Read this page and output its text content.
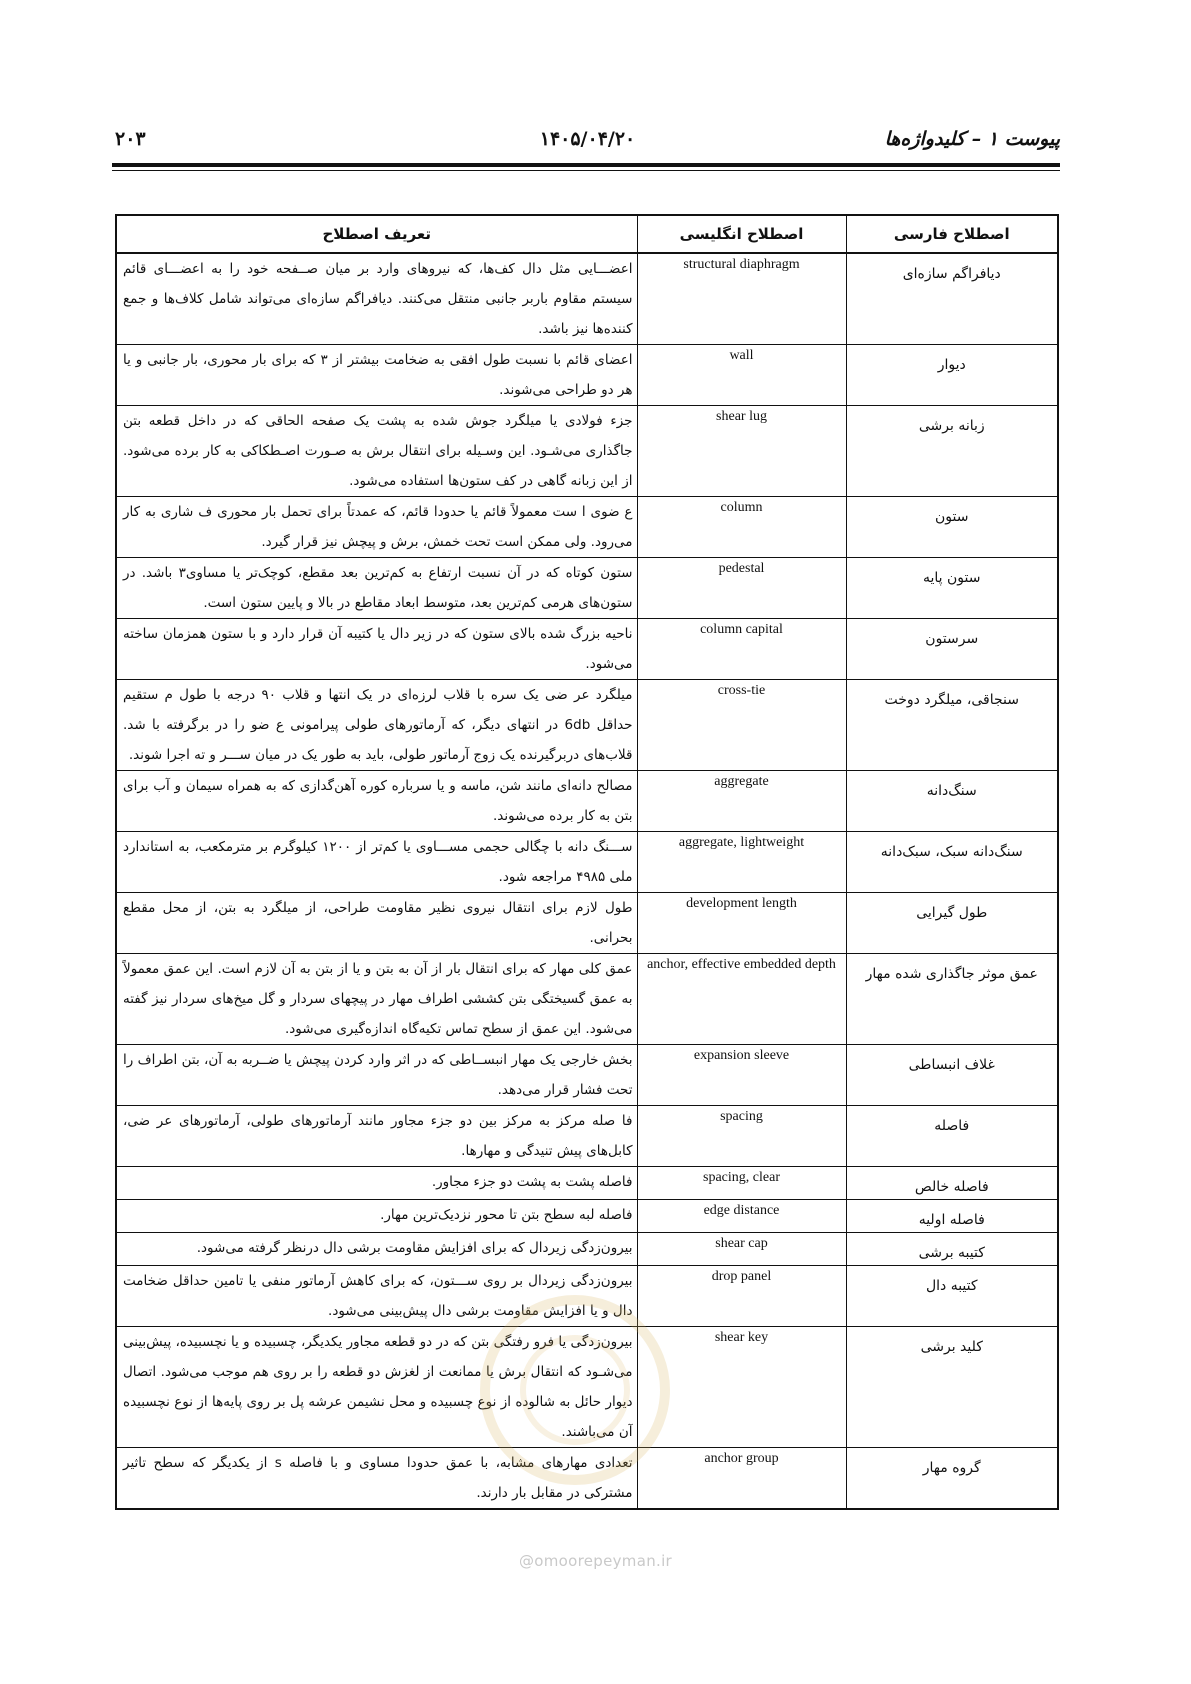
پیوست ۱ – کلیدواژه‌ها
۱۴۰۵/۰۴/۲۰
۲۰۳
اصطلاح فارسی	اصطلاح انگلیسی	تعریف اصطلاح
دیافراگم سازه‌ای	structural diaphragm	اعضـــایی مثل دال کف‌ها، که نیروهای وارد بر میان صــفحه خود را به اعضـــای قائم سیستم مقاوم باربر جانبی منتقل می‌کنند. دیافراگم سازه‌ای می‌تواند شامل کلاف‌ها و جمع کننده‌ها نیز باشد.
دیوار	wall	اعضای قائم با نسبت طول افقی به ضخامت بیشتر از ۳ که برای بار محوری، بار جانبی و یا هر دو طراحی می‌شوند.
زبانه برشی	shear lug	جزء فولادی یا میلگرد جوش شده به پشت یک صفحه الحاقی که در داخل قطعه بتن جاگذاری می‌شـود. این وسـیله برای انتقال برش به صـورت اصـطکاکی به کار برده می‌شود. از این زبانه گاهی در کف ستون‌ها استفاده می‌شود.
ستون	column	ع ضوی ا ست معمولاً قائم یا حدودا قائم، که عمدتاً برای تحمل بار محوری ف شاری به کار می‌رود. ولی ممکن است تحت خمش، برش و پیچش نیز قرار گیرد.
ستون پایه	pedestal	ستون کوتاه که در آن نسبت ارتفاع به کم‌ترین بعد مقطع، کوچک‌تر یا مساوی۳ باشد. در ستون‌های هرمی کم‌ترین بعد، متوسط ابعاد مقاطع در بالا و پایین ستون است.
سرستون	column capital	ناحیه بزرگ شده بالای ستون که در زیر دال یا کتیبه آن قرار دارد و با ستون همزمان ساخته می‌شود.
سنجاقی، میلگرد دوخت	cross-tie	میلگرد عر ضی یک سره با قلاب لرزه‌ای در یک انتها و قلاب ۹۰ درجه با طول م ستقیم حداقل 6db در انتهای دیگر، که آرماتورهای طولی پیرامونی ع ضو را در برگرفته با شد. قلاب‌های دربرگیرنده یک زوج آرماتور طولی، باید به طور یک در میان ســـر و ته اجرا شوند.
سنگ‌دانه	aggregate	مصالح دانه‌ای مانند شن، ماسه و یا سرباره کوره آهن‌گدازی که به همراه سیمان و آب برای بتن به کار برده می‌شوند.
سنگ‌دانه سبک، سبک‌دانه	aggregate, lightweight	ســـنگ دانه با چگالی حجمی مســـاوی یا کم‌تر از ۱۲۰۰ کیلوگرم بر مترمکعب، به استاندارد ملی ۴۹۸۵ مراجعه شود.
طول گیرایی	development length	طول لازم برای انتقال نیروی نظیر مقاومت طراحی، از میلگرد به بتن، از محل مقطع بحرانی.
عمق موثر جاگذاری شده مهار	anchor, effective embedded depth	عمق کلی مهار که برای انتقال بار از آن به بتن و یا از بتن به آن لازم است. این عمق معمولاً به عمق گسیختگی بتن کششی اطراف مهار در پیچهای سردار و گل میخ‌های سردار نیز گفته می‌شود. این عمق از سطح تماس تکیه‌گاه اندازه‌گیری می‌شود.
غلاف انبساطی	expansion sleeve	بخش خارجی یک مهار انبســاطی که در اثر وارد کردن پیچش یا ضــربه به آن، بتن اطراف را تحت فشار قرار می‌دهد.
فاصله	spacing	فا صله مرکز به مرکز بین دو جزء مجاور مانند آرماتورهای طولی، آرماتورهای عر ضی، کابل‌های پیش تنیدگی و مهارها.
فاصله خالص	spacing, clear	فاصله پشت به پشت دو جزء مجاور.
فاصله اولیه	edge distance	فاصله لبه سطح بتن تا محور نزدیک‌ترین مهار.
کتیبه برشی	shear cap	بیرون‌زدگی زیردال که برای افزایش مقاومت برشی دال درنظر گرفته می‌شود.
کتیبه دال	drop panel	بیرون‌زدگی زیردال بر روی ســـتون، که برای کاهش آرماتور منفی یا تامین حداقل ضخامت دال و یا افزایش مقاومت برشی دال پیش‌بینی می‌شود.
کلید برشی	shear key	بیرون‌زدگی یا فرو رفتگی بتن که در دو قطعه مجاور یکدیگر، چسبیده و یا نچسبیده، پیش‌بینی می‌شـود که انتقال برش یا ممانعت از لغزش دو قطعه را بر روی هم موجب می‌شود. اتصال دیوار حائل به شالوده از نوع چسبیده و محل نشیمن عرشه پل بر روی پایه‌ها از نوع نچسبیده آن می‌باشند.
گروه مهار	anchor group	تعدادی مهارهای مشابه، با عمق حدودا مساوی و با فاصله s از یکدیگر که سطح تاثیر مشترکی در مقابل بار دارند.
@omoorepeyman.ir
